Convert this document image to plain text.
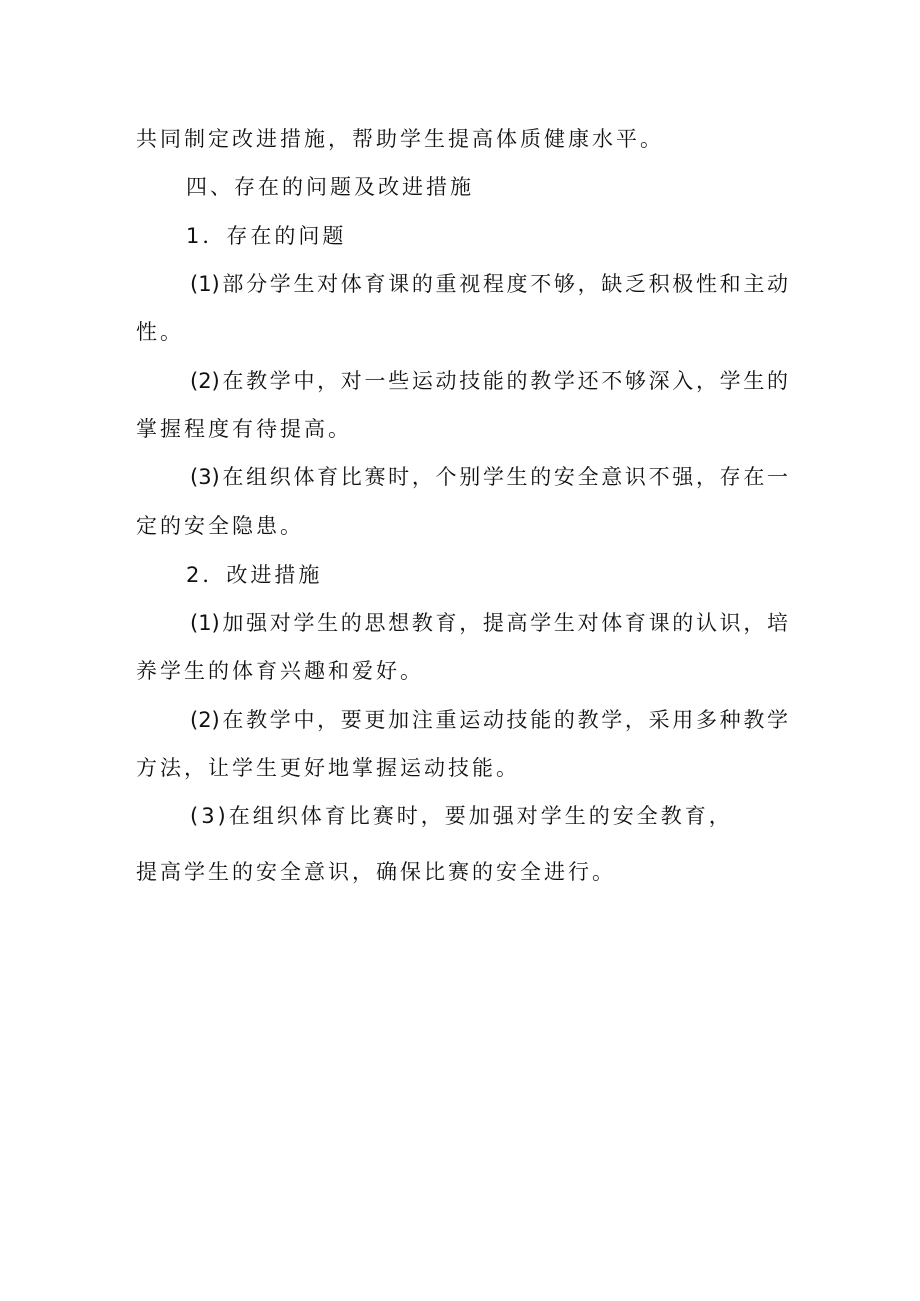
共同制定改进措施，帮助学生提高体质健康水平。
四、存在的问题及改进措施
1．存在的问题
(1)部分学生对体育课的重视程度不够，缺乏积极性和主动
性。
(2)在教学中，对一些运动技能的教学还不够深入，学生的
掌握程度有待提高。
(3)在组织体育比赛时，个别学生的安全意识不强，存在一
定的安全隐患。
2．改进措施
(1)加强对学生的思想教育，提高学生对体育课的认识，培
养学生的体育兴趣和爱好。
(2)在教学中，要更加注重运动技能的教学，采用多种教学
方法，让学生更好地掌握运动技能。
(3)在组织体育比赛时，要加强对学生的安全教育，
提高学生的安全意识，确保比赛的安全进行。
